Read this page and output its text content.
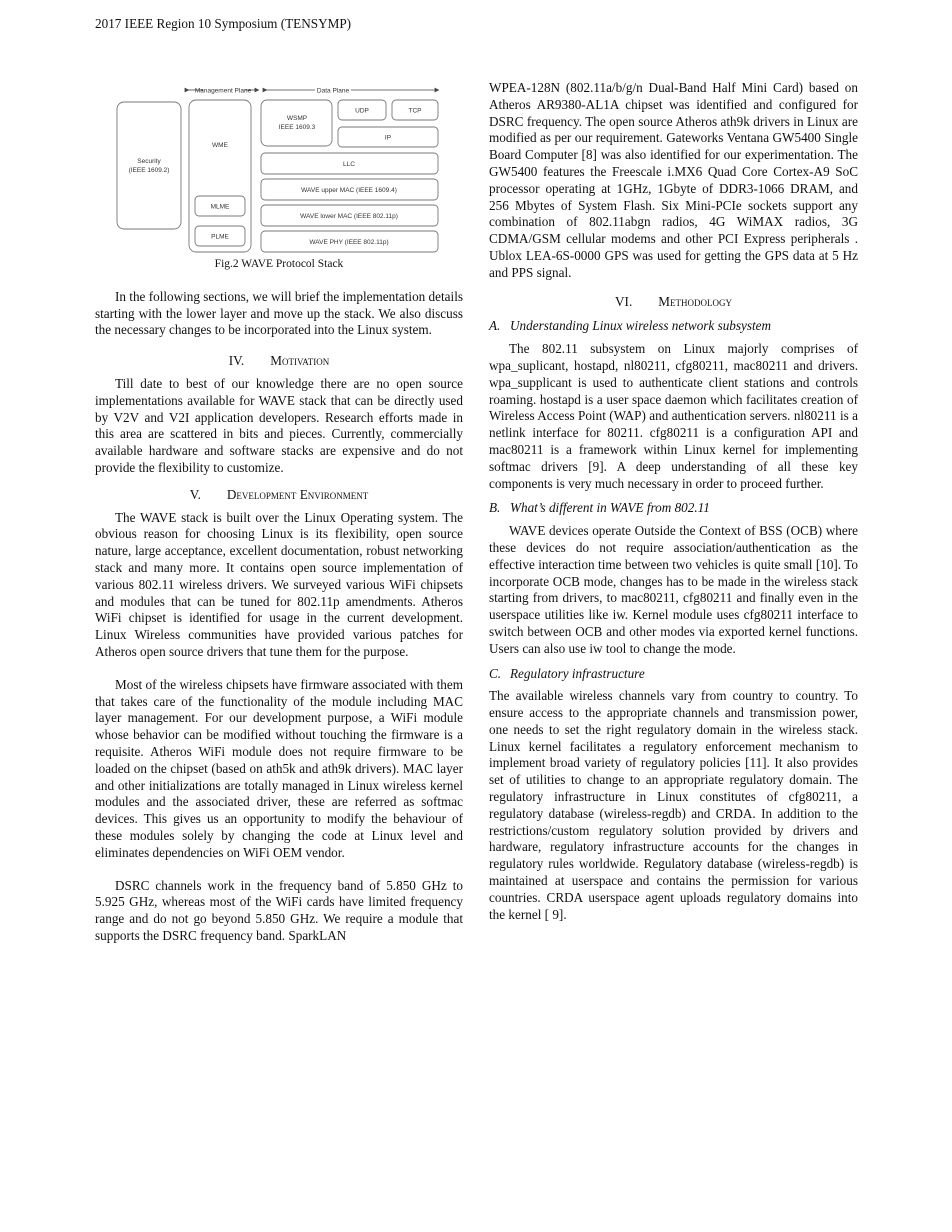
2017 IEEE Region 10 Symposium (TENSYMP)
Management Plane	Data Plane
Security
(IEEE 1609.2)
WME
MLME
PLME
WSMP
IEEE 1609.3
UDP	TCP
IP
LLC
WAVE upper MAC (IEEE 1609.4)
WAVE lower MAC (IEEE 802.11p)
WAVE PHY (IEEE 802.11p)
Fig.2 WAVE Protocol Stack

In the following sections, we will brief the implementation details starting with the lower layer and move up the stack. We also discuss the necessary changes to be incorporated into the Linux system.

IV. Motivation

Till date to best of our knowledge there are no open source implementations available for WAVE stack that can be directly used by V2V and V2I application developers. Research efforts made in this area are scattered in bits and pieces. Currently, commercially available hardware and software stacks are expensive and do not provide the flexibility to customize.

V. Development Environment

The WAVE stack is built over the Linux Operating system. The obvious reason for choosing Linux is its flexibility, open source nature, large acceptance, excellent documentation, robust networking stack and many more. It contains open source implementation of various 802.11 wireless drivers. We surveyed various WiFi chipsets and modules that can be tuned for 802.11p amendments. Atheros WiFi chipset is identified for usage in the current development. Linux Wireless communities have provided various patches for Atheros open source drivers that tune them for the purpose.

Most of the wireless chipsets have firmware associated with them that takes care of the functionality of the module including MAC layer management. For our development purpose, a WiFi module whose behavior can be modified without touching the firmware is a requisite. Atheros WiFi module does not require firmware to be loaded on the chipset (based on ath5k and ath9k drivers). MAC layer and other initializations are totally managed in Linux wireless kernel modules and the associated driver, these are referred as softmac devices. This gives us an opportunity to modify the behaviour of these modules solely by changing the code at Linux level and eliminates dependencies on WiFi OEM vendor.

DSRC channels work in the frequency band of 5.850 GHz to 5.925 GHz, whereas most of the WiFi cards have limited frequency range and do not go beyond 5.850 GHz. We require a module that supports the DSRC frequency band. SparkLAN

WPEA-128N (802.11a/b/g/n Dual-Band Half Mini Card) based on Atheros AR9380-AL1A chipset was identified and configured for DSRC frequency. The open source Atheros ath9k drivers in Linux are modified as per our requirement. Gateworks Ventana GW5400 Single Board Computer [8] was also identified for our experimentation. The GW5400 features the Freescale i.MX6 Quad Core Cortex-A9 SoC processor operating at 1GHz, 1Gbyte of DDR3-1066 DRAM, and 256 Mbytes of System Flash. Six Mini-PCIe sockets support any combination of 802.11abgn radios, 4G WiMAX radios, 3G CDMA/GSM cellular modems and other PCI Express peripherals . Ublox LEA-6S-0000 GPS was used for getting the GPS data at 5 Hz and PPS signal.

VI. Methodology
A. Understanding Linux wireless network subsystem

The 802.11 subsystem on Linux majorly comprises of wpa_suplicant, hostapd, nl80211, cfg80211, mac80211 and drivers. wpa_supplicant is used to authenticate client stations and controls roaming. hostapd is a user space daemon which facilitates creation of Wireless Access Point (WAP) and authentication servers. nl80211 is a netlink interface for 80211. cfg80211 is a configuration API and mac80211 is a framework within Linux kernel for implementing softmac drivers [9]. A deep understanding of all these key components is very much necessary in order to proceed further.

B. What’s different in WAVE from 802.11

WAVE devices operate Outside the Context of BSS (OCB) where these devices do not require association/authentication as the effective interaction time between two vehicles is quite small [10]. To incorporate OCB mode, changes has to be made in the wireless stack starting from drivers, to mac80211, cfg80211 and finally even in the userspace utilities like iw. Kernel module uses cfg80211 interface to switch between OCB and other modes via exported kernel functions. Users can also use iw tool to change the mode.

C. Regulatory infrastructure

The available wireless channels vary from country to country. To ensure access to the appropriate channels and transmission power, one needs to set the right regulatory domain in the wireless stack. Linux kernel facilitates a regulatory enforcement mechanism to implement broad variety of regulatory policies [11]. It also provides set of utilities to change to an appropriate regulatory domain. The regulatory infrastructure in Linux constitutes of cfg80211, a regulatory database (wireless-regdb) and CRDA. In addition to the restrictions/custom regulatory solution provided by drivers and hardware, regulatory infrastructure accounts for the changes in regulatory rules worldwide. Regulatory database (wireless-regdb) is maintained at userspace and contains the permission for various countries. CRDA userspace agent uploads regulatory domains into the kernel [ 9].
